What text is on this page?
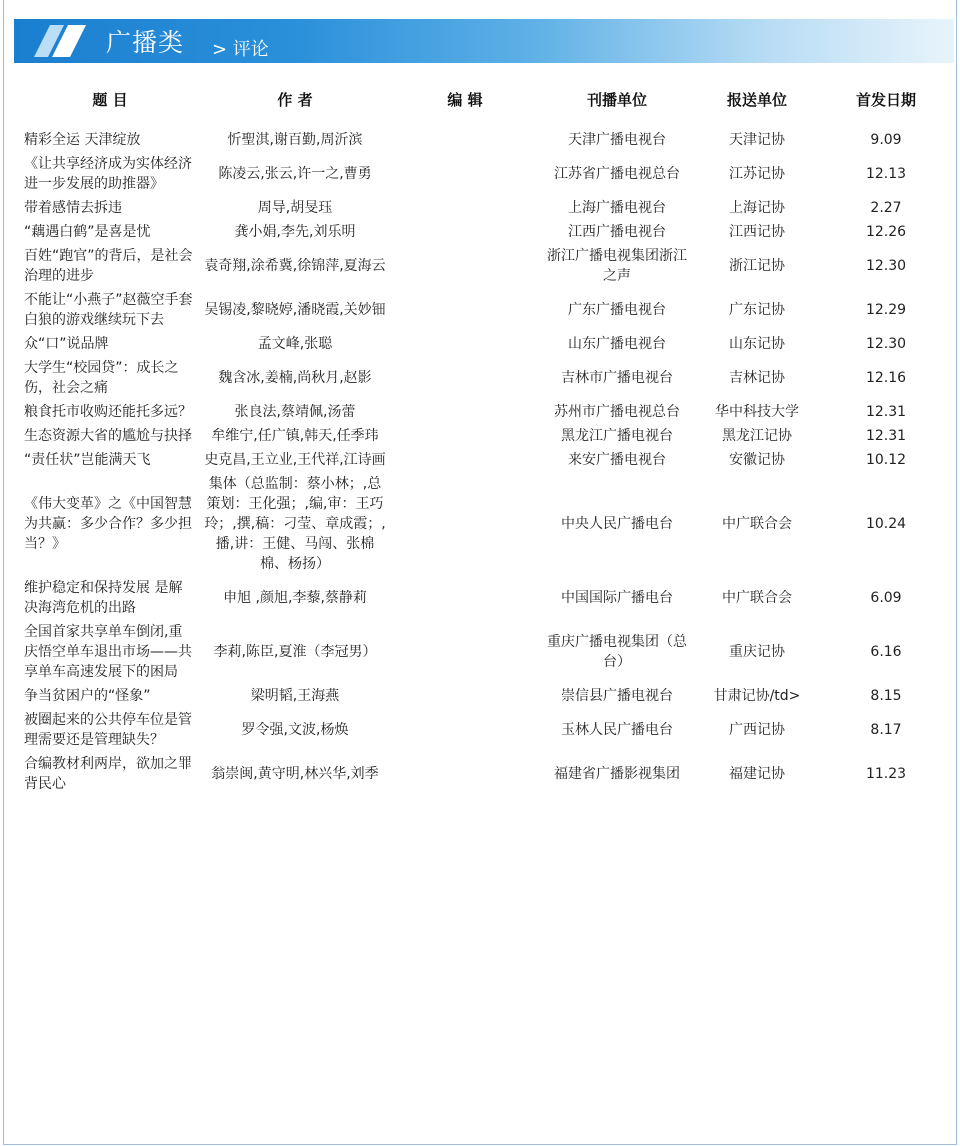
广播类 > 评论
题 目	作 者	编 辑	刊播单位	报送单位	首发日期

精彩全运 天津绽放	忻聖淇,谢百勤,周沂滨		天津广播电视台	天津记协	9.09
《让共享经济成为实体经济进一步发展的助推器》	陈凌云,张云,许一之,曹勇		江苏省广播电视总台	江苏记协	12.13
带着感情去拆违	周导,胡旻珏		上海广播电视台	上海记协	2.27
“藕遇白鹤”是喜是忧	龚小娟,李先,刘乐明		江西广播电视台	江西记协	12.26
百姓“跑官”的背后，是社会治理的进步	袁奇翔,涂希冀,徐锦萍,夏海云		浙江广播电视集团浙江之声	浙江记协	12.30
不能让“小燕子”赵薇空手套白狼的游戏继续玩下去	吴锡凌,黎晓婷,潘晓霞,关妙钿		广东广播电视台	广东记协	12.29
众“口”说品牌	孟文峰,张聪		山东广播电视台	山东记协	12.30
大学生“校园贷”：成长之伤，社会之痛	魏含冰,姜楠,尚秋月,赵影		吉林市广播电视台	吉林记协	12.16
粮食托市收购还能托多远？	张良法,蔡靖佩,汤蕾		苏州市广播电视总台	华中科技大学	12.31
生态资源大省的尴尬与抉择	牟维宁,任广镇,韩天,任季玮		黑龙江广播电视台	黑龙江记协	12.31
“责任状”岂能满天飞	史克昌,王立业,王代祥,江诗画		来安广播电视台	安徽记协	10.12
《伟大变革》之《中国智慧为共赢：多少合作？多少担当？》	集体（总监制：蔡小林；,总策划：王化强；,编,审：王巧玲；,撰,稿：刁莹、章成霞；,播,讲：王健、马闯、张棉棉、杨扬）		中央人民广播电台	中广联合会	10.24
维护稳定和保持发展 是解决海湾危机的出路	申旭 ,颜旭,李藜,蔡静莉		中国国际广播电台	中广联合会	6.09
全国首家共享单车倒闭,重庆悟空单车退出市场——共享单车高速发展下的困局	李莉,陈臣,夏淮（李冠男）		重庆广播电视集团（总台）	重庆记协	6.16
争当贫困户的“怪象”	梁明韬,王海燕		崇信县广播电视台	甘肃记协/td>	8.15
被圈起来的公共停车位是管理需要还是管理缺失？	罗令强,文波,杨焕		玉林人民广播电台	广西记协	8.17
合编教材利两岸，欲加之罪背民心	翁崇闽,黄守明,林兴华,刘季		福建省广播影视集团	福建记协	11.23
